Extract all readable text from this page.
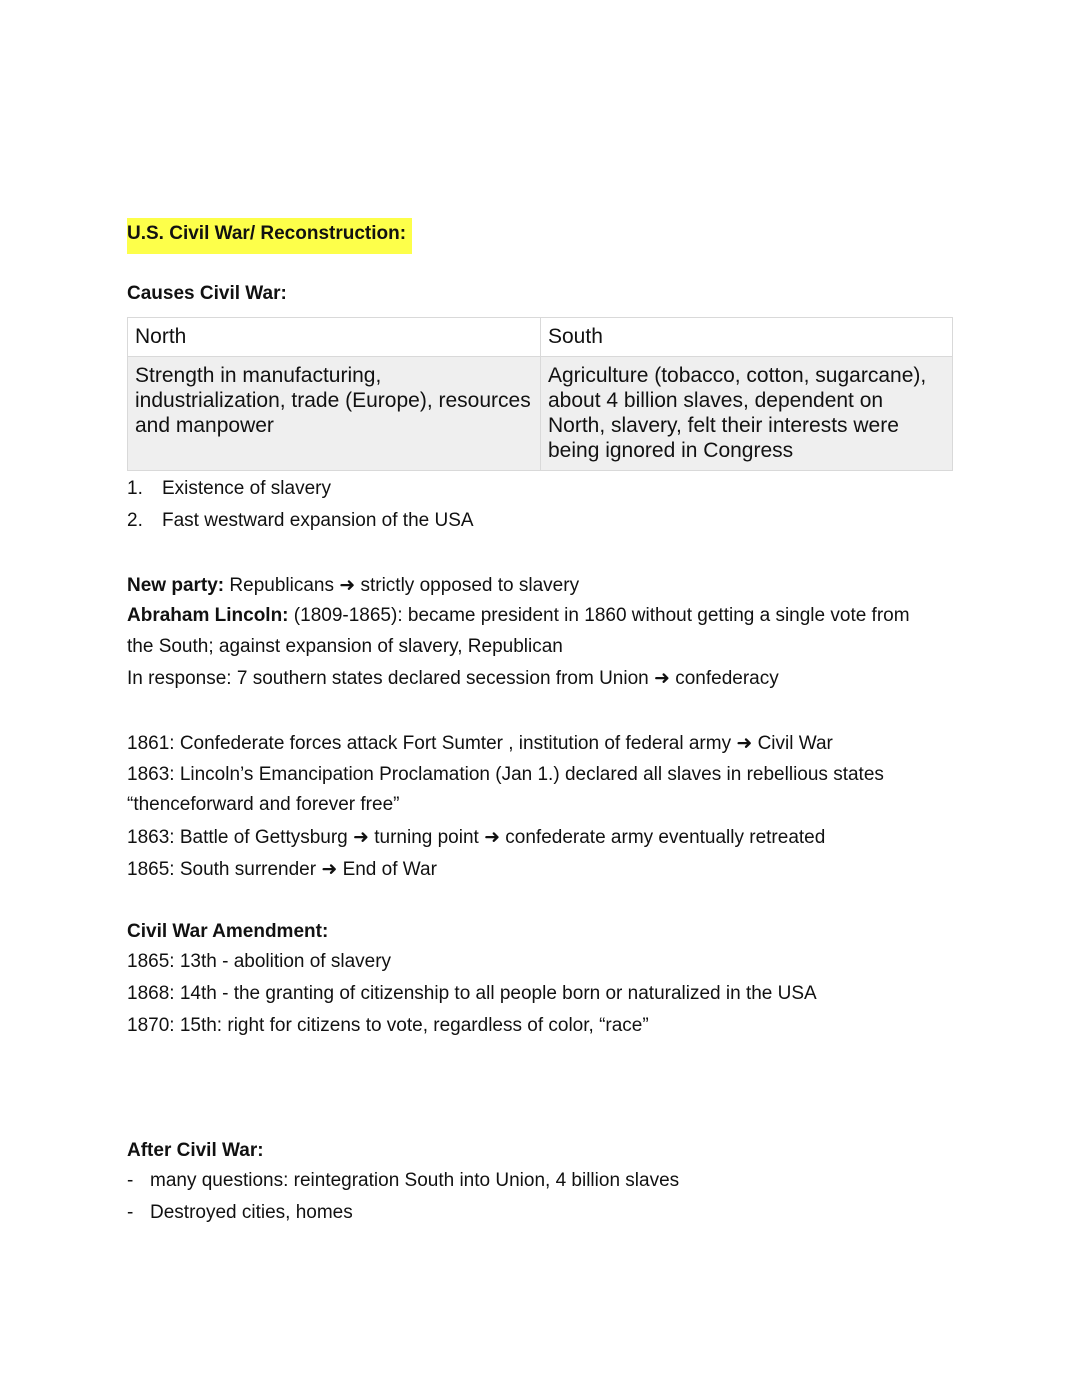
U.S. Civil War/ Reconstruction:
Causes Civil War:
North	South
Strength in manufacturing, industrialization, trade (Europe), resources and manpower	Agriculture (tobacco, cotton, sugarcane), about 4 billion slaves, dependent on North, slavery, felt their interests were being ignored in Congress
1. Existence of slavery
2. Fast westward expansion of the USA
New party: Republicans ➜ strictly opposed to slavery
Abraham Lincoln: (1809-1865): became president in 1860 without getting a single vote from
the South; against expansion of slavery, Republican
In response: 7 southern states declared secession from Union ➜ confederacy
1861: Confederate forces attack Fort Sumter , institution of federal army ➜ Civil War
1863: Lincoln’s Emancipation Proclamation (Jan 1.) declared all slaves in rebellious states
“thenceforward and forever free”
1863: Battle of Gettysburg ➜ turning point ➜ confederate army eventually retreated
1865: South surrender ➜ End of War
Civil War Amendment:
1865: 13th - abolition of slavery
1868: 14th - the granting of citizenship to all people born or naturalized in the USA
1870: 15th: right for citizens to vote, regardless of color, “race”
After Civil War:
- many questions: reintegration South into Union, 4 billion slaves
- Destroyed cities, homes
